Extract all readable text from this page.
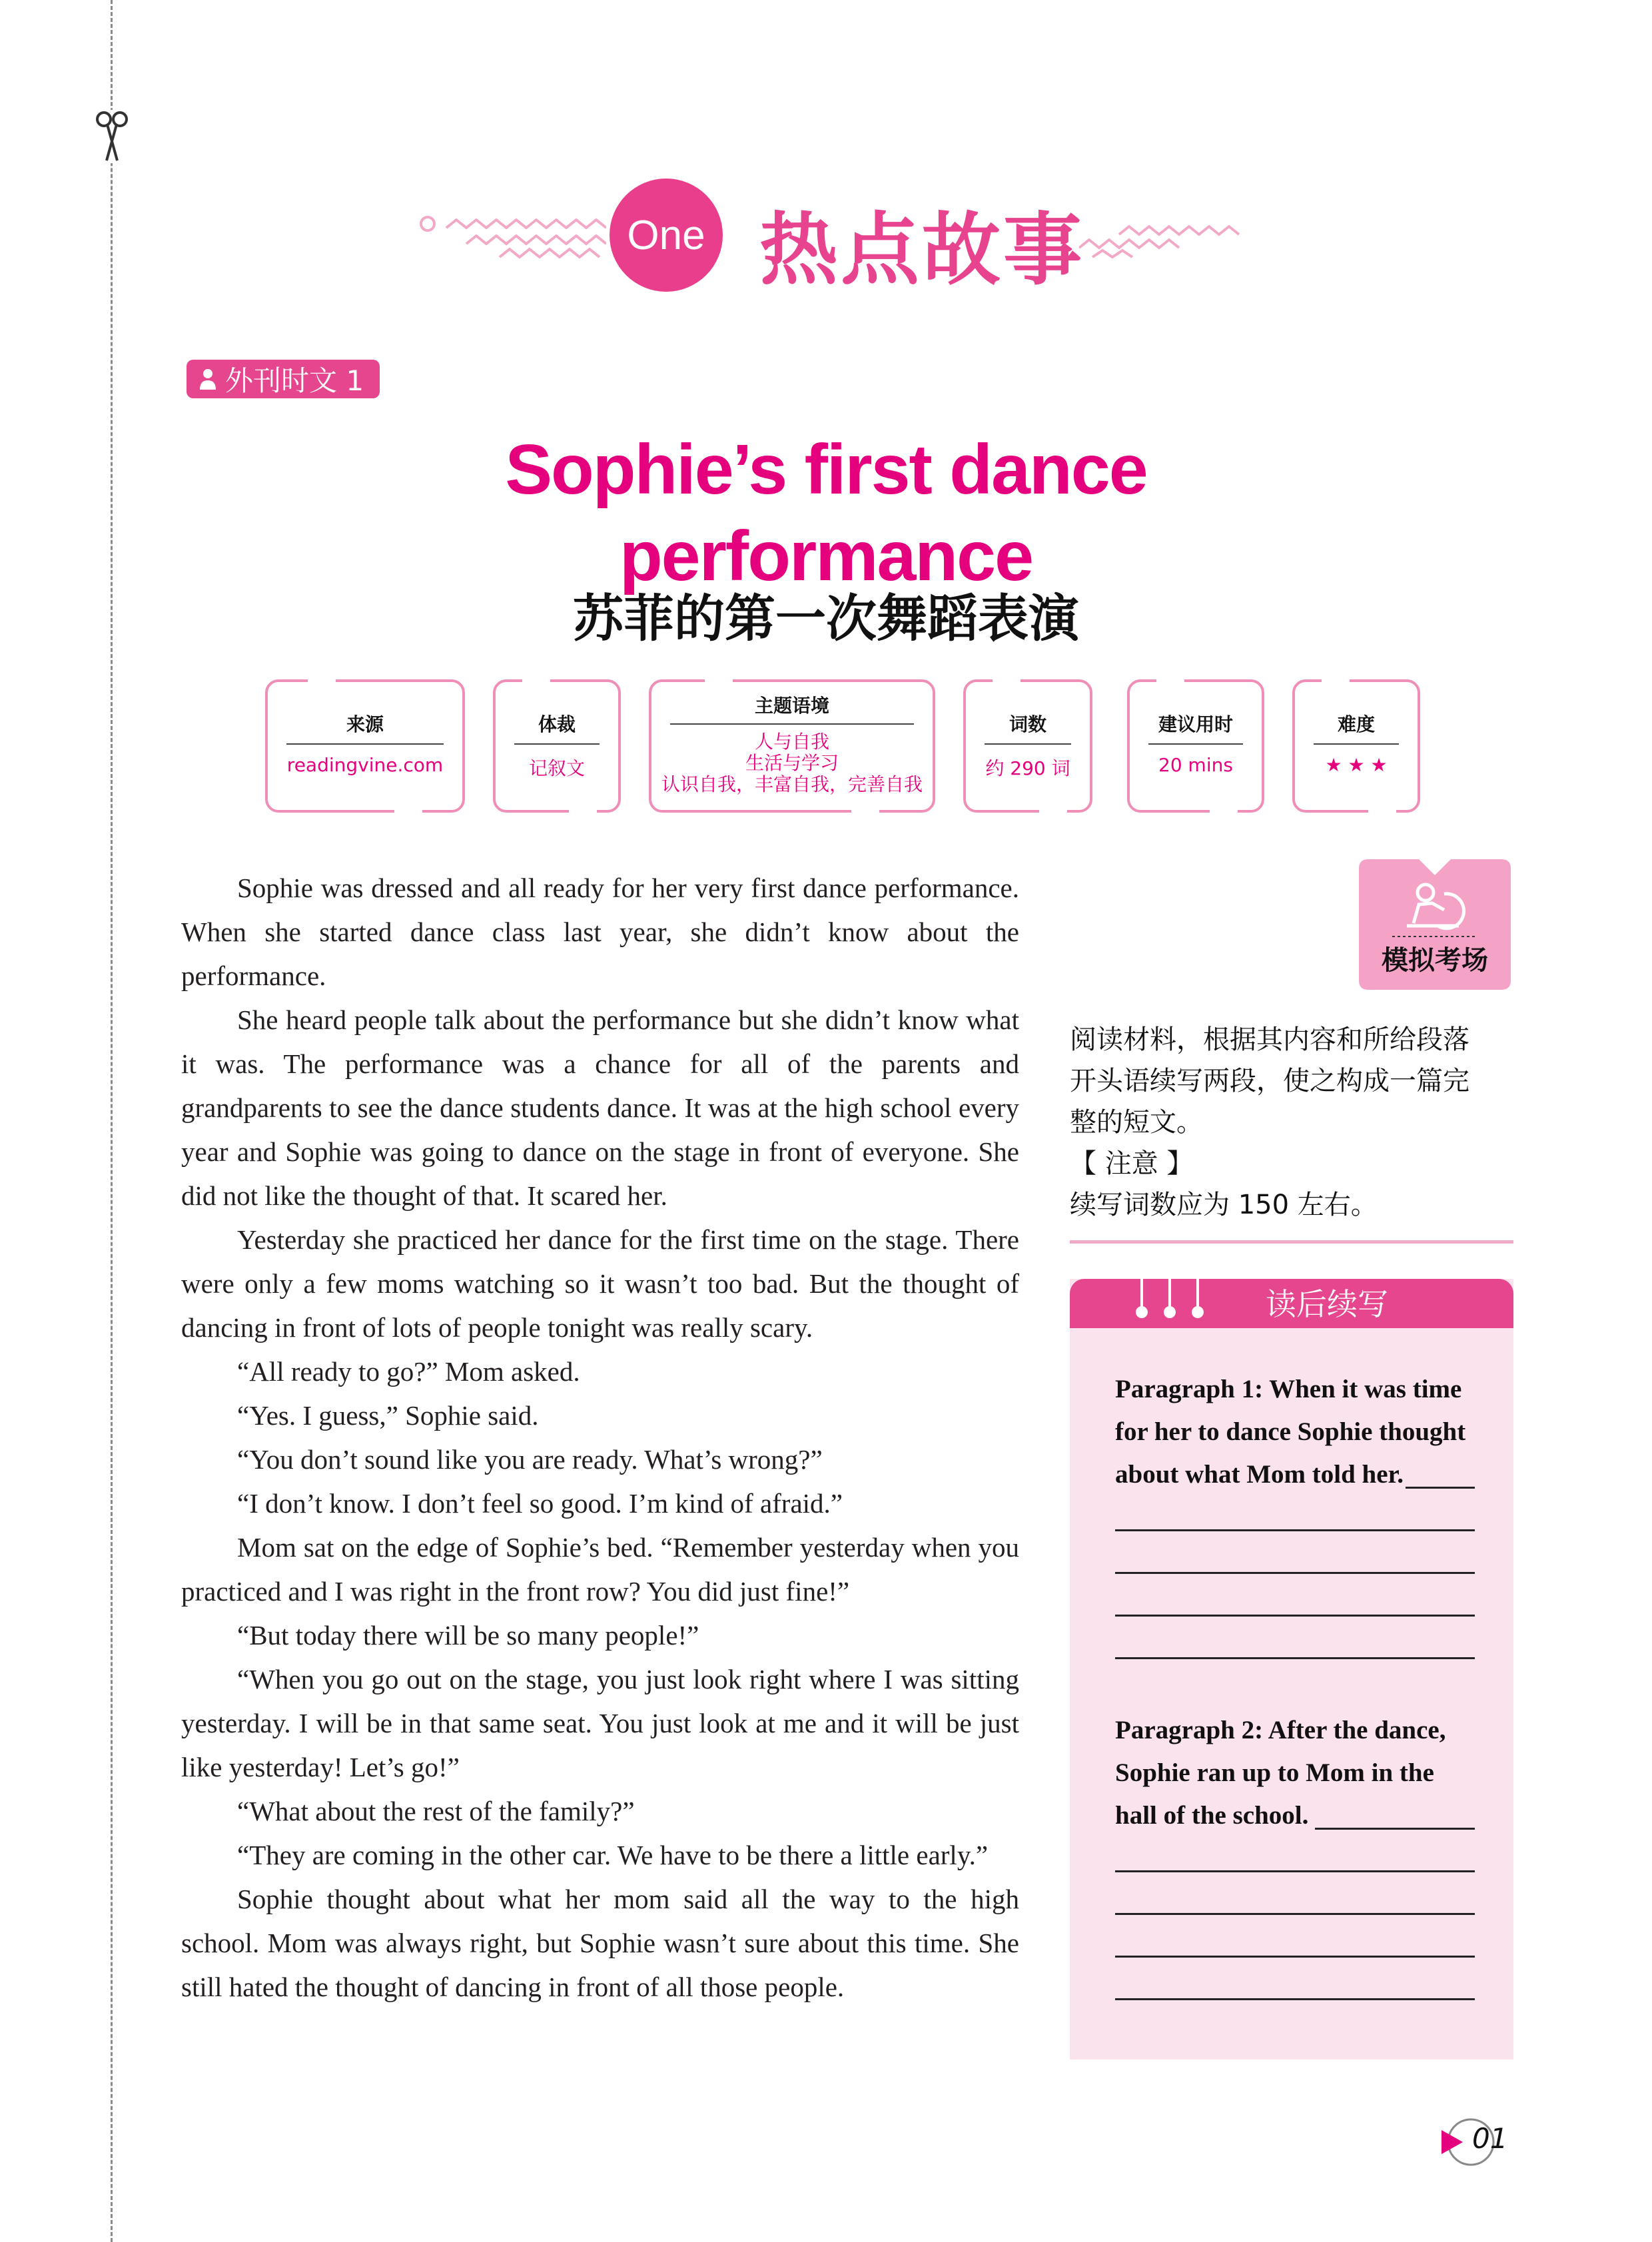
One 热点故事
外刊时文 1
Sophie’s first dance
performance
苏菲的第一次舞蹈表演
来源
readingvine.com
体裁
记叙文
主题语境
人与自我
生活与学习
认识自我，丰富自我，完善自我
词数
约 290 词
建议用时
20 mins
难度
★ ★ ★

Sophie was dressed and all ready for her very first dance performance. When she started dance class last year, she didn’t know about the performance.

She heard people talk about the performance but she didn’t know what it was. The performance was a chance for all of the parents and grandparents to see the dance students dance. It was at the high school every year and Sophie was going to dance on the stage in front of everyone. She did not like the thought of that. It scared her.

Yesterday she practiced her dance for the first time on the stage. There were only a few moms watching so it wasn’t too bad. But the thought of dancing in front of lots of people tonight was really scary.

“All ready to go?” Mom asked.

“Yes. I guess,” Sophie said.

“You don’t sound like you are ready. What’s wrong?”

“I don’t know. I don’t feel so good. I’m kind of afraid.”

Mom sat on the edge of Sophie’s bed. “Remember yesterday when you practiced and I was right in the front row? You did just fine!”

“But today there will be so many people!”

“When you go out on the stage, you just look right where I was sitting yesterday. I will be in that same seat. You just look at me and it will be just like yesterday! Let’s go!”

“What about the rest of the family?”

“They are coming in the other car. We have to be there a little early.”

Sophie thought about what her mom said all the way to the high school. Mom was always right, but Sophie wasn’t sure about this time. She still hated the thought of dancing in front of all those people.

模拟考场
阅读材料，根据其内容和所给段落
开头语续写两段，使之构成一篇完
整的短文。
【 注意 】
续写词数应为 150 左右。
读后续写
Paragraph 1: When it was time
for her to dance Sophie thought
about what Mom told her.
Paragraph 2: After the dance,
Sophie ran up to Mom in the
hall of the school.
01
